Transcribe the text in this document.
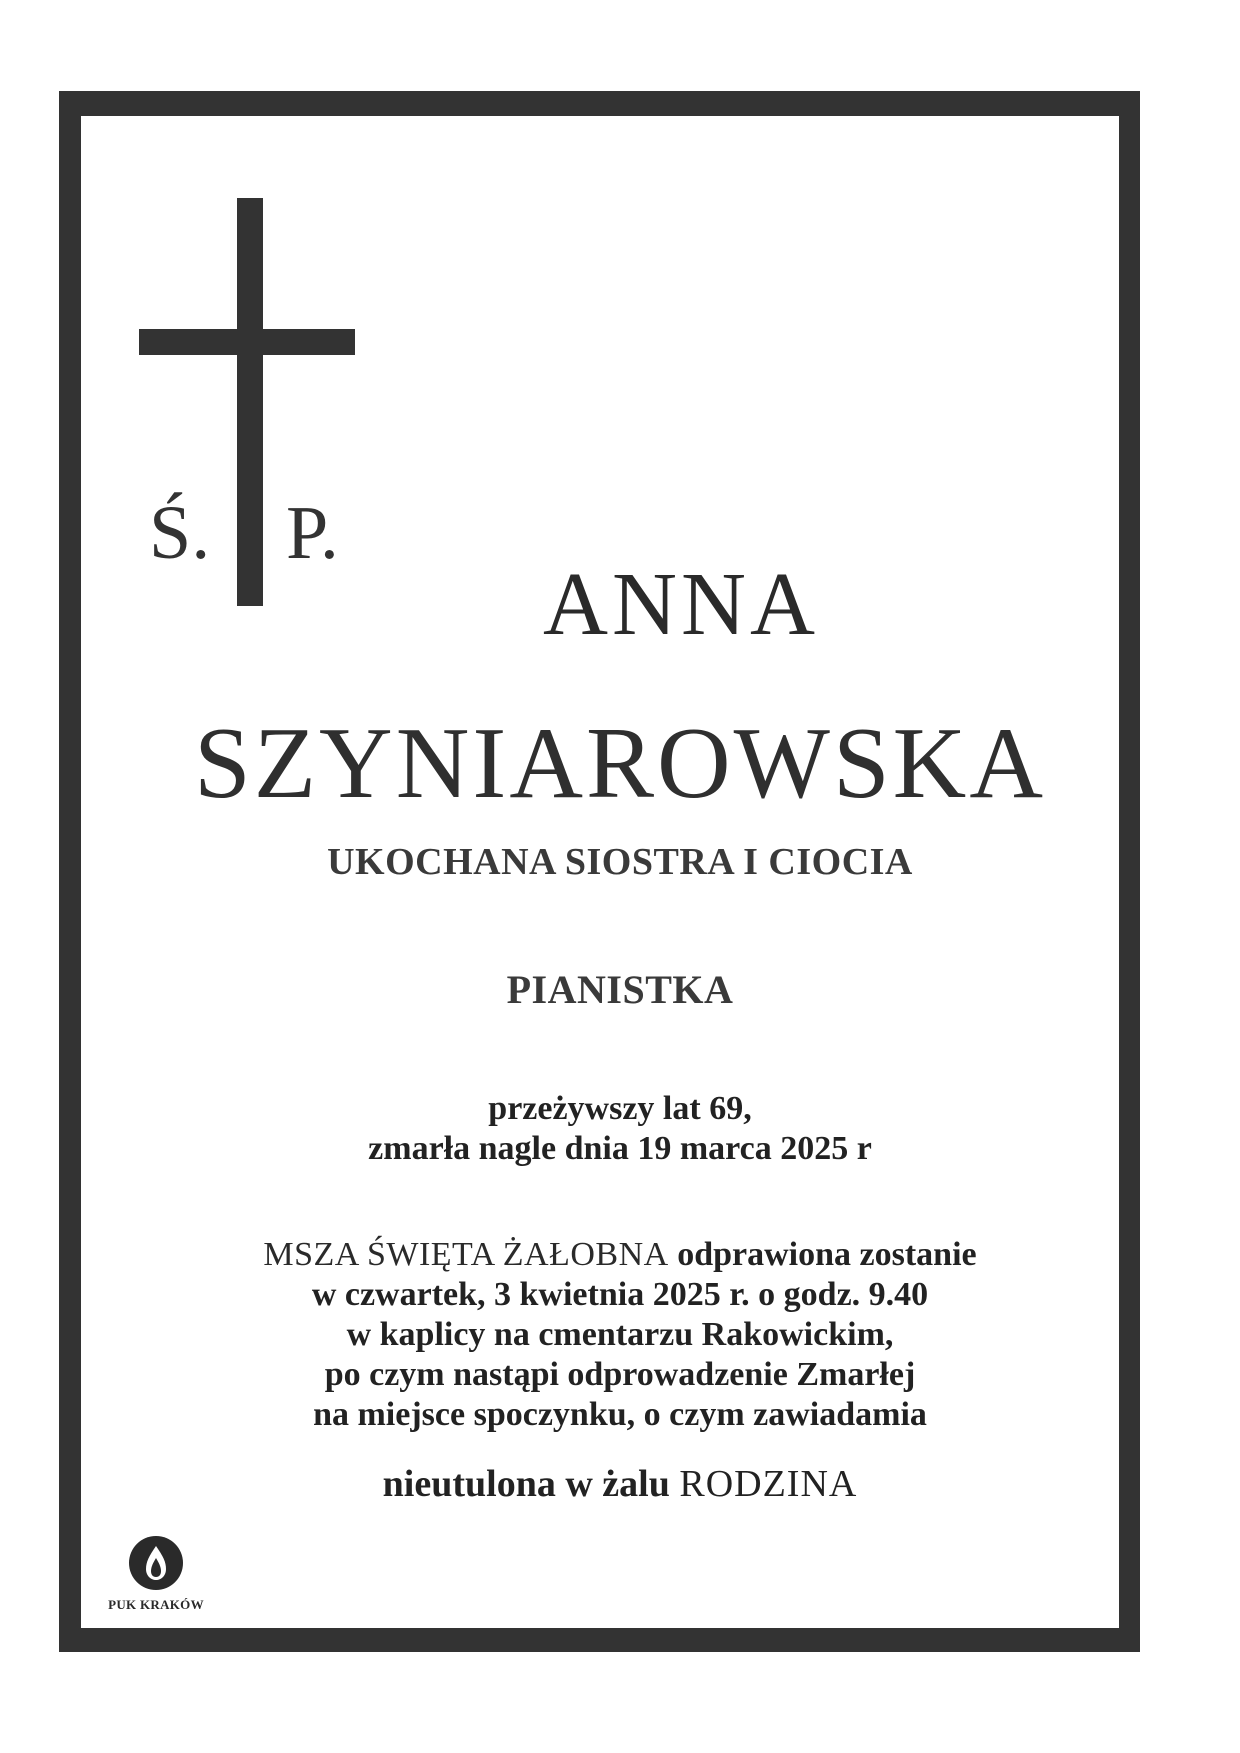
Ś. P.

ANNA

SZYNIAROWSKA

UKOCHANA SIOSTRA I CIOCIA

PIANISTKA

przeżywszy lat 69,

zmarła nagle dnia 19 marca 2025 r

MSZA ŚWIĘTA ŻAŁOBNA odprawiona zostanie
w czwartek, 3 kwietnia 2025 r. o godz. 9.40
w kaplicy na cmentarzu Rakowickim,
po czym nastąpi odprowadzenie Zmarłej
na miejsce spoczynku, o czym zawiadamia

nieutulona w żalu RODZINA

PUK KRAKÓW
